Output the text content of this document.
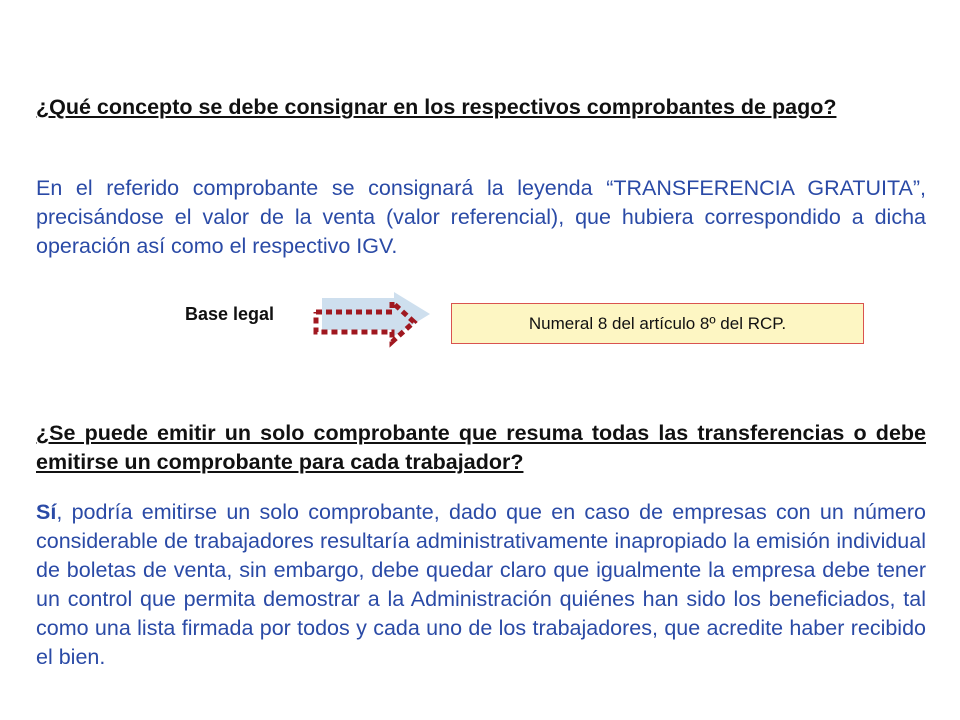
¿Qué concepto se debe consignar en los respectivos comprobantes de pago?

En el referido comprobante se consignará la leyenda “TRANSFERENCIA GRATUITA”, precisándose el valor de la venta (valor referencial), que hubiera correspondido a dicha operación así como el respectivo IGV.

Base legal	Numeral 8 del artículo 8º del RCP.

¿Se puede emitir un solo comprobante que resuma todas las transferencias o debe emitirse un comprobante para cada trabajador?

Sí, podría emitirse un solo comprobante, dado que en caso de empresas con un número considerable de trabajadores resultaría administrativamente inapropiado la emisión individual de boletas de venta, sin embargo, debe quedar claro que igualmente la empresa debe tener un control que permita demostrar a la Administración quiénes han sido los beneficiados, tal como una lista firmada por todos y cada uno de los trabajadores, que acredite haber recibido el bien.
